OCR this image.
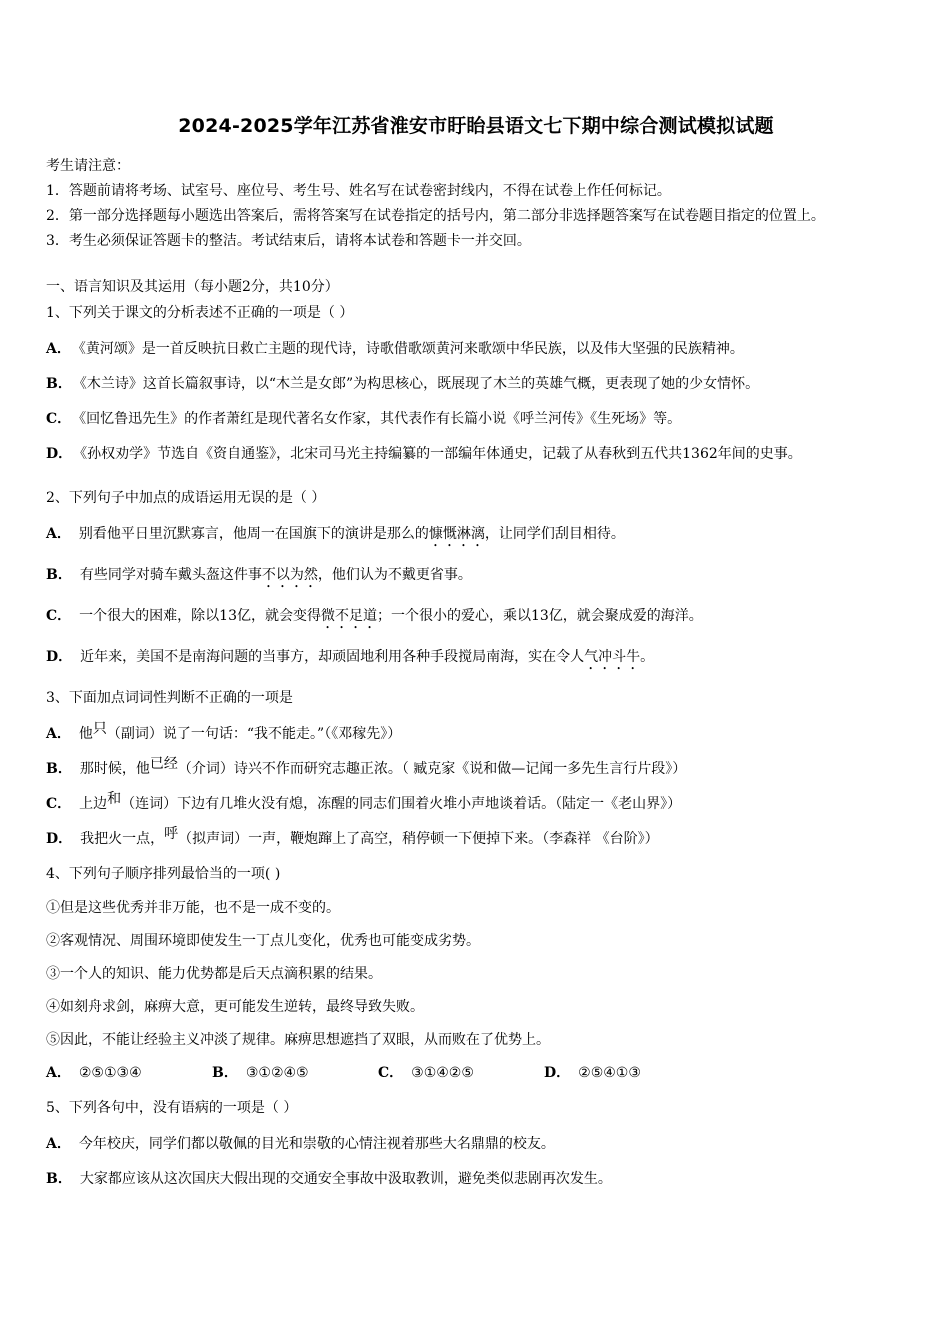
2024-2025学年江苏省淮安市盱眙县语文七下期中综合测试模拟试题
考生请注意：
1．答题前请将考场、试室号、座位号、考生号、姓名写在试卷密封线内，不得在试卷上作任何标记。
2．第一部分选择题每小题选出答案后，需将答案写在试卷指定的括号内，第二部分非选择题答案写在试卷题目指定的位置上。
3．考生必须保证答题卡的整洁。考试结束后，请将本试卷和答题卡一并交回。
一、语言知识及其运用（每小题2分，共10分）
1、下列关于课文的分析表述不正确的一项是（ ）
A． 《黄河颂》是一首反映抗日救亡主题的现代诗，诗歌借歌颂黄河来歌颂中华民族，以及伟大坚强的民族精神。
B． 《木兰诗》这首长篇叙事诗，以“木兰是女郎”为构思核心，既展现了木兰的英雄气概，更表现了她的少女情怀。
C． 《回忆鲁迅先生》的作者萧红是现代著名女作家，其代表作有长篇小说《呼兰河传》《生死场》等。
D． 《孙权劝学》节选自《资自通鉴》，北宋司马光主持编纂的一部编年体通史，记载了从春秋到五代共1362年间的史事。
2、下列句子中加点的成语运用无误的是（ ）
A． 别看他平日里沉默寡言，他周一在国旗下的演讲是那么的慷慨淋漓，让同学们刮目相待。
B． 有些同学对骑车戴头盔这件事不以为然，他们认为不戴更省事。
C． 一个很大的困难，除以13亿，就会变得微不足道；一个很小的爱心，乘以13亿，就会聚成爱的海洋。
D． 近年来，美国不是南海问题的当事方，却顽固地利用各种手段搅局南海，实在令人气冲斗牛。
3、下面加点词词性判断不正确的一项是
A． 他只（副词）说了一句话：“我不能走。”（《邓稼先》）
B． 那时候，他已经（介词）诗兴不作而研究志趣正浓。（ 臧克家《说和做—记闻一多先生言行片段》）
C． 上边和（连词）下边有几堆火没有熄，冻醒的同志们围着火堆小声地谈着话。（陆定一《老山界》）
D． 我把火一点，呼（拟声词）一声，鞭炮蹿上了高空，稍停顿一下便掉下来。（李森祥 《台阶》）
4、下列句子顺序排列最恰当的一项( )
①但是这些优秀并非万能，也不是一成不变的。
②客观情况、周围环境即使发生一丁点儿变化，优秀也可能变成劣势。
③一个人的知识、能力优势都是后天点滴积累的结果。
④如刻舟求剑，麻痹大意，更可能发生逆转，最终导致失败。
⑤因此，不能让经验主义冲淡了规律。麻痹思想遮挡了双眼，从而败在了优势上。
A． ②⑤①③④	B． ③①②④⑤	C． ③①④②⑤	D． ②⑤④①③
5、下列各句中，没有语病的一项是（ ）
A． 今年校庆，同学们都以敬佩的目光和崇敬的心情注视着那些大名鼎鼎的校友。
B． 大家都应该从这次国庆大假出现的交通安全事故中汲取教训，避免类似悲剧再次发生。
